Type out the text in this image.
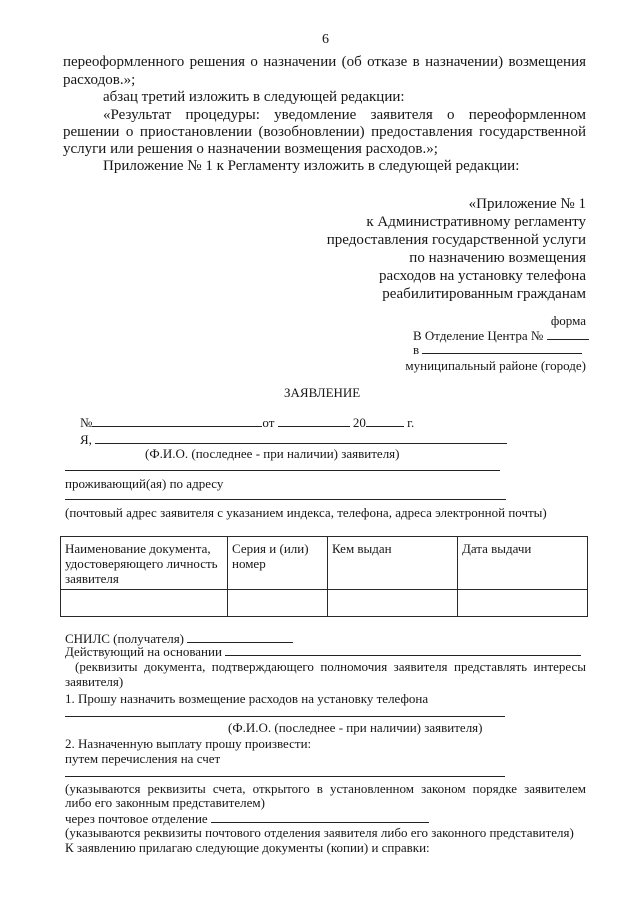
6
переоформленного решения о назначении (об отказе в назначении) возмещения
расходов.»;
абзац третий изложить в следующей редакции:
«Результат процедуры: уведомление заявителя о переоформленном
решении о приостановлении (возобновлении) предоставления государственной
услуги или решения о назначении возмещения расходов.»;
Приложение № 1 к Регламенту изложить в следующей редакции:
«Приложение № 1
к Административному регламенту
предоставления государственной услуги
по назначению возмещения
расходов на установку телефона
реабилитированным гражданам
форма
В Отделение Центра №
в
муниципальный районе (городе)
ЗАЯВЛЕНИЕ
№	от	20	г.
Я,
(Ф.И.О. (последнее - при наличии) заявителя)
проживающий(ая) по адресу
(почтовый адрес заявителя с указанием индекса, телефона, адреса электронной почты)
Наименование документа, удостоверяющего личность заявителя	Серия и (или) номер	Кем выдан	Дата выдачи

СНИЛС (получателя)
Действующий на основании
(реквизиты документа, подтверждающего полномочия заявителя представлять интересы
заявителя)
1. Прошу назначить возмещение расходов на установку телефона
(Ф.И.О. (последнее - при наличии) заявителя)
2. Назначенную выплату прошу произвести:
путем перечисления на счет
(указываются реквизиты счета, открытого в установленном законом порядке заявителем
либо его законным представителем)
через почтовое отделение
(указываются реквизиты почтового отделения заявителя либо его законного представителя)
К заявлению прилагаю следующие документы (копии) и справки:
